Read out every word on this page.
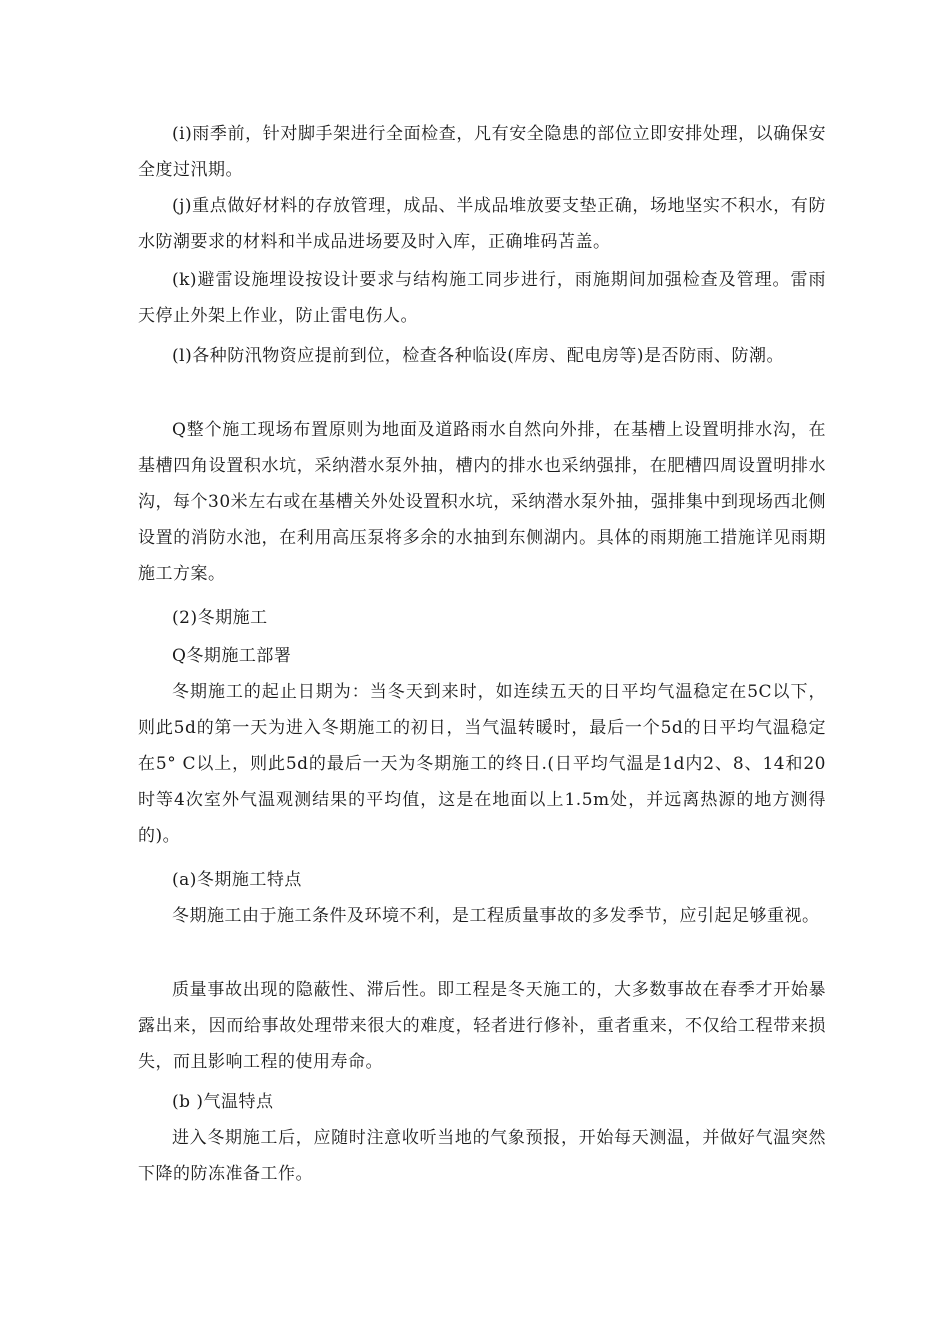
(i)雨季前，针对脚手架进行全面检查，凡有安全隐患的部位立即安排处理，以确保安全度过汛期。

(j)重点做好材料的存放管理，成品、半成品堆放要支垫正确，场地坚实不积水，有防水防潮要求的材料和半成品进场要及时入库，正确堆码苫盖。

(k)避雷设施埋设按设计要求与结构施工同步进行，雨施期间加强检查及管理。雷雨天停止外架上作业，防止雷电伤人。

(l)各种防汛物资应提前到位，检查各种临设(库房、配电房等)是否防雨、防潮。

Q整个施工现场布置原则为地面及道路雨水自然向外排，在基槽上设置明排水沟，在基槽四角设置积水坑，采纳潜水泵外抽，槽内的排水也采纳强排，在肥槽四周设置明排水沟，每个30米左右或在基槽关外处设置积水坑，采纳潜水泵外抽，强排集中到现场西北侧设置的消防水池，在利用高压泵将多余的水抽到东侧湖内。具体的雨期施工措施详见雨期施工方案。

(2)冬期施工

Q冬期施工部署

冬期施工的起止日期为：当冬天到来时，如连续五天的日平均气温稳定在5C以下，则此5d的第一天为进入冬期施工的初日，当气温转暖时，最后一个5d的日平均气温稳定在5° C以上，则此5d的最后一天为冬期施工的终日.(日平均气温是1d内2、8、14和20时等4次室外气温观测结果的平均值，这是在地面以上1.5m处，并远离热源的地方测得的)。

(a)冬期施工特点

冬期施工由于施工条件及环境不利，是工程质量事故的多发季节，应引起足够重视。

质量事故出现的隐蔽性、滞后性。即工程是冬天施工的，大多数事故在春季才开始暴露出来，因而给事故处理带来很大的难度，轻者进行修补，重者重来，不仅给工程带来损失，而且影响工程的使用寿命。

(b )气温特点

进入冬期施工后，应随时注意收听当地的气象预报，开始每天测温，并做好气温突然下降的防冻准备工作。
